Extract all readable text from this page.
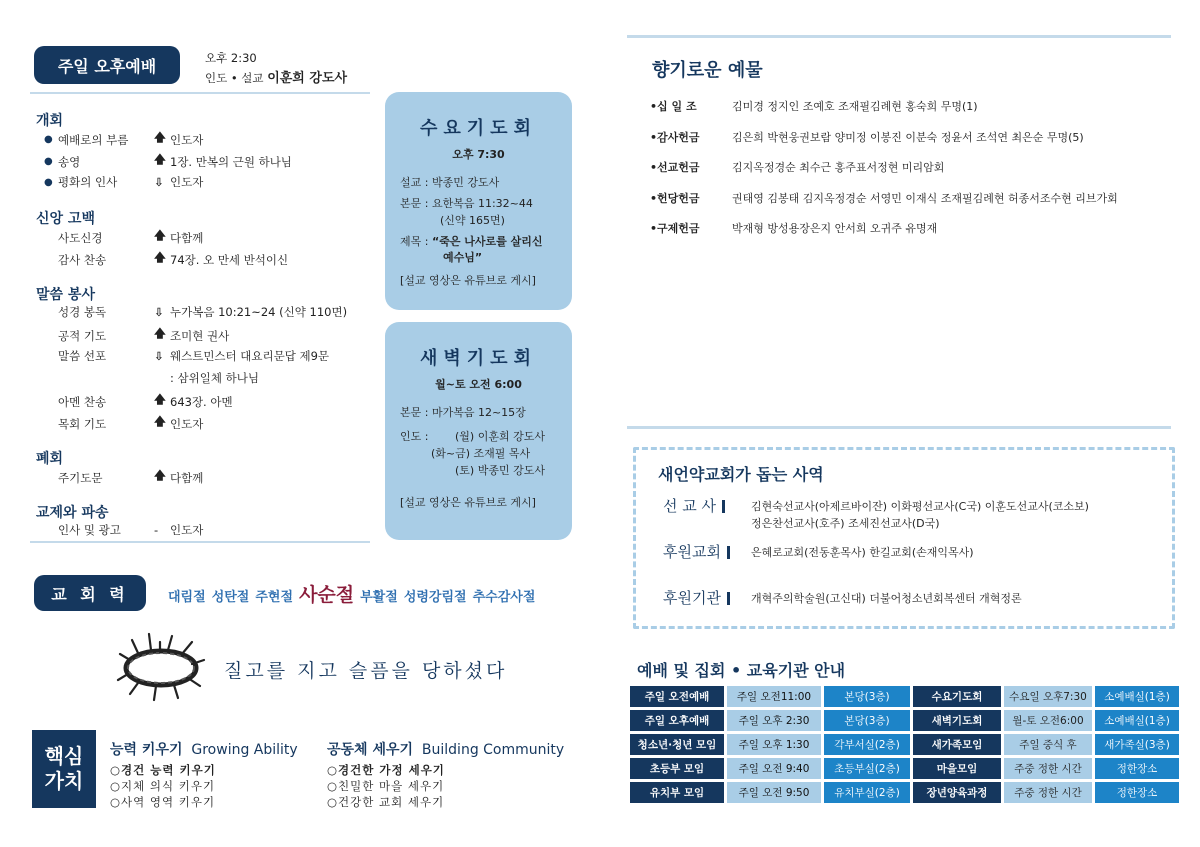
주일 오후예배	오후 2:30
인도 • 설교 이훈희 강도사
개회
● 예배로의 부름	🡅 인도자
● 송영	🡅 1장. 만복의 근원 하나님
● 평화의 인사	⇩ 인도자
신앙 고백
사도신경	🡅 다함께
감사 찬송	🡅 74장. 오 만세 반석이신
말씀 봉사
성경 봉독	⇩ 누가복음 10:21~24 (신약 110면)
공적 기도	🡅 조미현 권사
말씀 선포	⇩ 웨스트민스터 대요리문답 제9문
: 삼위일체 하나님
아멘 찬송	🡅 643장. 아멘
목회 기도	🡅 인도자
폐회
주기도문	🡅 다함께
교제와 파송
인사 및 광고	-	인도자
수요기도회
오후 7:30
설교 : 박종민 강도사
본문 : 요한복음 11:32~44
(신약 165면)
제목 : “죽은 나사로를 살리신
예수님”
[설교 영상은 유튜브로 게시]
새벽기도회
월~토 오전 6:00
본문 : 마가복음 12~15장
인도 : (월) 이훈희 강도사
(화~금) 조재필 목사
(토) 박종민 강도사
[설교 영상은 유튜브로 게시]
교 회 력	대림절 성탄절 주현절 사순절 부활절 성령강림절 추수감사절
질고를 지고 슬픔을 당하셨다
핵심
가치
능력 키우기 Growing Ability
○경건 능력 키우기
○지체 의식 키우기
○사역 영역 키우기
공동체 세우기 Building Community
○경건한 가정 세우기
○친밀한 마을 세우기
○건강한 교회 세우기
향기로운 예물
•십 일 조	김미경 정지인 조예호 조재필김례현 홍숙희 무명(1)
•감사헌금	김은희 박현웅권보람 양미정 이봉진 이분숙 정윤서 조석연 최은순 무명(5)
•선교헌금	김지옥정경순 최수근 홍주표서정현 미리암회
•헌당헌금	권태영 김봉태 김지옥정경순 서영민 이재식 조재필김례현 허종서조수현 리브가회
•구제헌금	박재형 방성용장은지 안서희 오귀주 유명재
새언약교회가 돕는 사역
선 교 사	김현숙선교사(아제르바이잔) 이화평선교사(C국) 이훈도선교사(코소보)
정은찬선교사(호주) 조세진선교사(D국)
후원교회	은혜로교회(전동훈목사) 한길교회(손재익목사)
후원기관	개혁주의학술원(고신대) 더불어청소년회복센터 개혁정론
예배 및 집회 • 교육기관 안내
주일 오전예배	주일 오전11:00	본당(3층)	수요기도회	수요일 오후7:30	소예배실(1층)
주일 오후예배	주일 오후 2:30	본당(3층)	새벽기도회	월-토 오전6:00	소예배실(1층)
청소년·청년 모임	주일 오후 1:30	각부서실(2층)	새가족모임	주일 중식 후	새가족실(3층)
초등부 모임	주일 오전 9:40	초등부실(2층)	마을모임	주중 정한 시간	정한장소
유치부 모임	주일 오전 9:50	유치부실(2층)	장년양육과정	주중 정한 시간	정한장소
